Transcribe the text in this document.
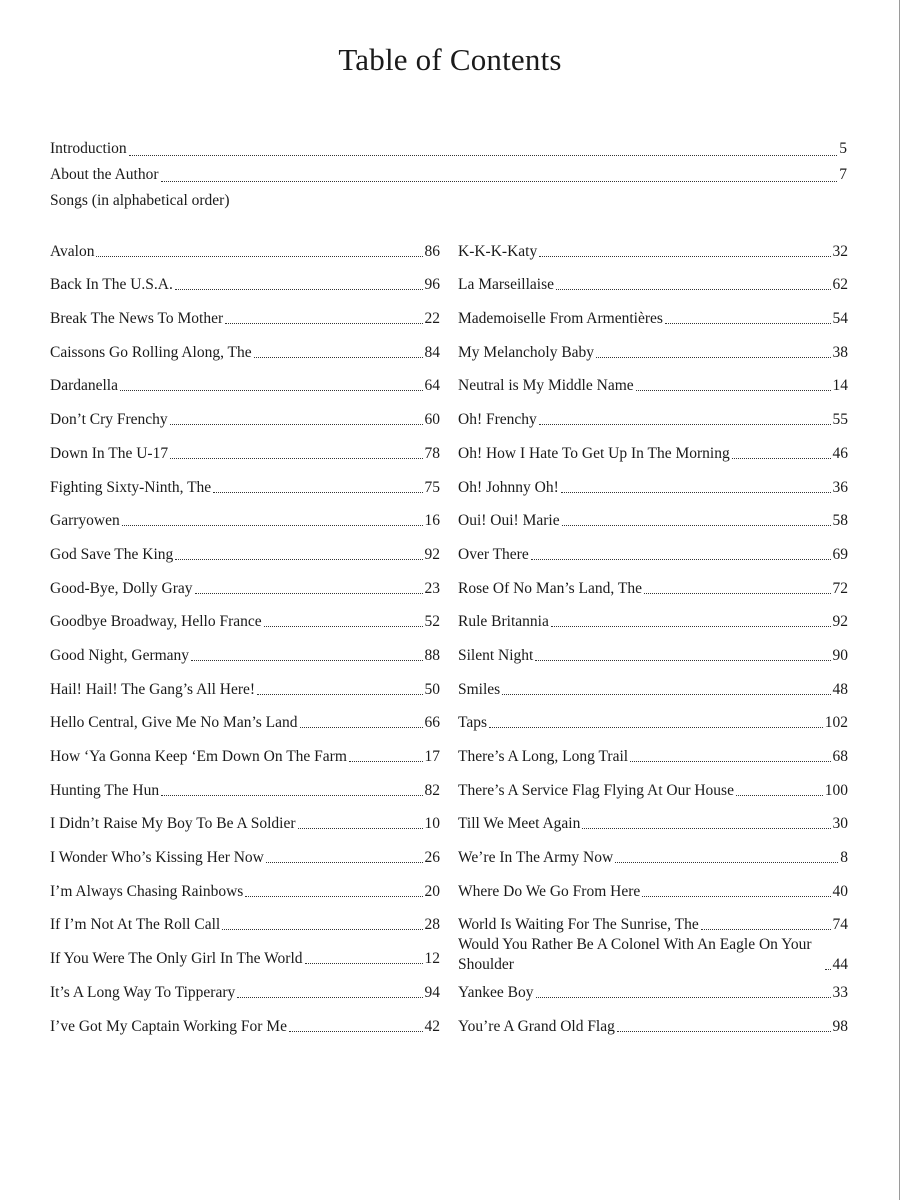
Table of Contents
Introduction	5
About the Author	7
Songs (in alphabetical order)
Avalon	86
Back In The U.S.A.	96
Break The News To Mother	22
Caissons Go Rolling Along, The	84
Dardanella	64
Don’t Cry Frenchy	60
Down In The U-17	78
Fighting Sixty-Ninth, The	75
Garryowen	16
God Save The King	92
Good-Bye, Dolly Gray	23
Goodbye Broadway, Hello France	52
Good Night, Germany	88
Hail! Hail! The Gang’s All Here!	50
Hello Central, Give Me No Man’s Land	66
How ‘Ya Gonna Keep ‘Em Down On The Farm	17
Hunting The Hun	82
I Didn’t Raise My Boy To Be A Soldier	10
I Wonder Who’s Kissing Her Now	26
I’m Always Chasing Rainbows	20
If I’m Not At The Roll Call	28
If You Were The Only Girl In The World	12
It’s A Long Way To Tipperary	94
I’ve Got My Captain Working For Me	42
K-K-K-Katy	32
La Marseillaise	62
Mademoiselle From Armentières	54
My Melancholy Baby	38
Neutral is My Middle Name	14
Oh! Frenchy	55
Oh! How I Hate To Get Up In The Morning	46
Oh! Johnny Oh!	36
Oui! Oui! Marie	58
Over There	69
Rose Of No Man’s Land, The	72
Rule Britannia	92
Silent Night	90
Smiles	48
Taps	102
There’s A Long, Long Trail	68
There’s A Service Flag Flying At Our House	100
Till We Meet Again	30
We’re In The Army Now	8
Where Do We Go From Here	40
World Is Waiting For The Sunrise, The	74
Would You Rather Be A Colonel With An Eagle On Your Shoulder	44
Yankee Boy	33
You’re A Grand Old Flag	98
